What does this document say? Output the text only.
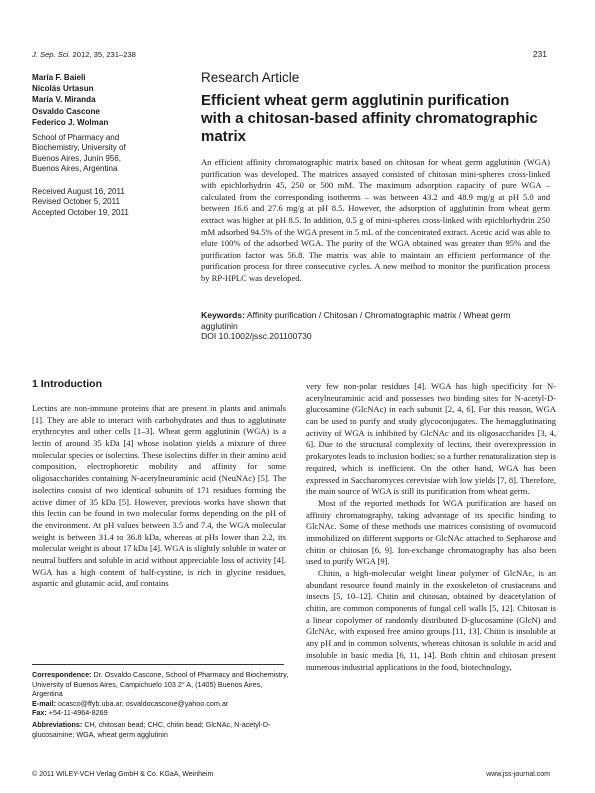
J. Sep. Sci. 2012, 35, 231–238	231
María F. Baieli
Nicolás Urtasun
María V. Miranda
Osvaldo Cascone
Federico J. Wolman
School of Pharmacy and
Biochemistry, University of
Buenos Aires, Junín 956,
Buenos Aires, Argentina
Received August 16, 2011
Revised October 5, 2011
Accepted October 19, 2011
Research Article
Efficient wheat germ agglutinin purification with a chitosan-based affinity chromatographic matrix
An efficient affinity chromatographic matrix based on chitosan for wheat germ agglutinin (WGA) purification was developed. The matrices assayed consisted of chitosan mini-spheres cross-linked with epichlorhydrin 45, 250 or 500 mM. The maximum adsorption capacity of pure WGA – calculated from the corresponding isotherms – was between 43.2 and 48.9 mg/g at pH 5.0 and between 16.6 and 27.6 mg/g at pH 8.5. However, the adsorption of agglutinin from wheat germ extract was higher at pH 8.5. In addition, 0.5 g of mini-spheres cross-linked with epichlorhydrin 250 mM adsorbed 94.5% of the WGA present in 5 mL of the concentrated extract. Acetic acid was able to elute 100% of the adsorbed WGA. The purity of the WGA obtained was greater than 95% and the purification factor was 56.8. The matrix was able to maintain an efficient performance of the purification process for three consecutive cycles. A new method to monitor the purification process by RP-HPLC was developed.
Keywords: Affinity purification / Chitosan / Chromatographic matrix / Wheat germ agglutinin
DOI 10.1002/jssc.201100730
1 Introduction
Lectins are non-immune proteins that are present in plants and animals [1]. They are able to interact with carbohydrates and thus to agglutinate erythrocytes and other cells [1–3]. Wheat germ agglutinin (WGA) is a lectin of around 35 kDa [4] whose isolation yields a mixture of three molecular species or isolectins. These isolectins differ in their amino acid composition, electrophoretic mobility and affinity for some oligosaccharides containing N-acetylneuraminic acid (NeuNAc) [5]. The isolectins consist of two identical subunits of 171 residues forming the active dimer of 35 kDa [5]. However, previous works have shown that this lectin can be found in two molecular forms depending on the pH of the environment. At pH values between 3.5 and 7.4, the WGA molecular weight is between 31.4 to 36.8 kDa, whereas at pHs lower than 2.2, its molecular weight is about 17 kDa [4]. WGA is slightly soluble in water or neutral buffers and soluble in acid without appreciable loss of activity [4]. WGA has a high content of half-cystine, is rich in glycine residues, aspartic and glutamic acid, and contains

very few non-polar residues [4]. WGA has high specificity for N-acetylneuraminic acid and possesses two binding sites for N-acetyl-D-glucosamine (GlcNAc) in each subunit [2, 4, 6]. For this reason, WGA can be used to purify and study glycoconjugates. The hemagglutinating activity of WGA is inhibited by GlcNAc and its oligosaccharides [3, 4, 6]. Due to the structural complexity of lectins, their overexpression in prokaryotes leads to inclusion bodies; so a further renaturalization step is required, which is inefficient. On the other hand, WGA has been expressed in Saccharomyces cerevisiae with low yields [7, 8]. Therefore, the main source of WGA is still its purification from wheat germ.

Most of the reported methods for WGA purification are based on affinity chromatography, taking advantage of its specific binding to GlcNAc. Some of these methods use matrices consisting of ovomucoid immobilized on different supports or GlcNAc attached to Sepharose and chitin or chitosan [6, 9]. Ion-exchange chromatography has also been used to purify WGA [9].

Chitin, a high-molecular weight linear polymer of GlcNAc, is an abundant resource found mainly in the exoskeleton of crustaceans and insects [5, 10–12]. Chitin and chitosan, obtained by deacetylation of chitin, are common components of fungal cell walls [5, 12]. Chitosan is a linear copolymer of randomly distributed D-glucosamine (GlcN) and GlcNAc, with exposed free amino groups [11, 13]. Chitin is insoluble at any pH and in common solvents, whereas chitosan is soluble in acid and insoluble in basic media [6, 11, 14]. Both chitin and chitosan present numerous industrial applications in the food, biotechnology,

Correspondence: Dr. Osvaldo Cascone, School of Pharmacy and Biochemistry, University of Buenos Aires, Campichuelo 103 2° A, (1405) Buenos Aires, Argentina
E-mail: ocasco@ffyb.uba.ar; osvaldocascone@yahoo.com.ar
Fax: +54-11-4964-8269
Abbreviations: CH, chitosan bead; CHC, chitin bead; GlcNAc, N-acetyl-D-glucosamine; WGA, wheat germ agglutinin
© 2011 WILEY-VCH Verlag GmbH & Co. KGaA, Weinheim	www.jss-journal.com
